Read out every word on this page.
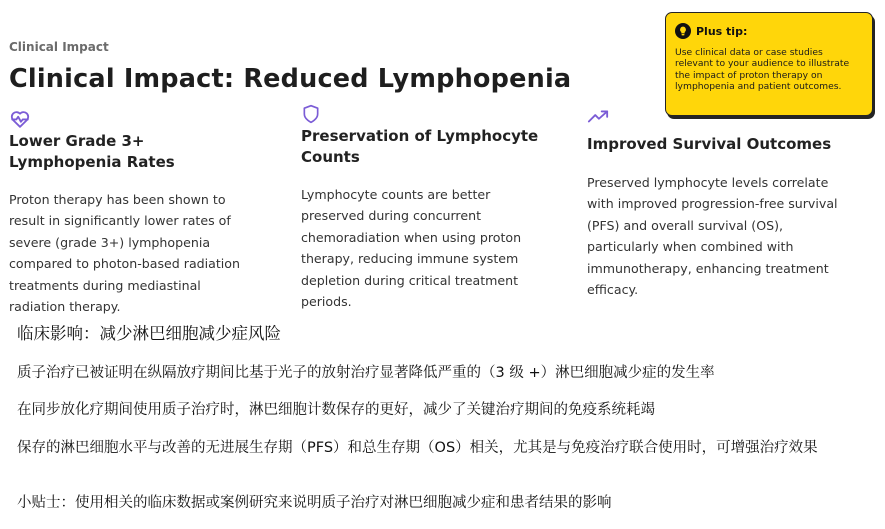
Clinical Impact
Clinical Impact: Reduced Lymphopenia
Lower Grade 3+ Lymphopenia Rates

Proton therapy has been shown to result in significantly lower rates of severe (grade 3+) lymphopenia compared to photon-based radiation treatments during mediastinal radiation therapy.

Preservation of Lymphocyte Counts

Lymphocyte counts are better preserved during concurrent chemoradiation when using proton therapy, reducing immune system depletion during critical treatment periods.

Improved Survival Outcomes

Preserved lymphocyte levels correlate with improved progression-free survival (PFS) and overall survival (OS), particularly when combined with immunotherapy, enhancing treatment efficacy.

Plus tip:
Use clinical data or case studies relevant to your audience to illustrate the impact of proton therapy on lymphopenia and patient outcomes.

临床影响：减少淋巴细胞减少症风险

质子治疗已被证明在纵隔放疗期间比基于光子的放射治疗显著降低严重的（3 级 +）淋巴细胞减少症的发生率

在同步放化疗期间使用质子治疗时，淋巴细胞计数保存的更好，减少了关键治疗期间的免疫系统耗竭

保存的淋巴细胞水平与改善的无进展生存期（PFS）和总生存期（OS）相关，尤其是与免疫治疗联合使用时，可增强治疗效果

小贴士：使用相关的临床数据或案例研究来说明质子治疗对淋巴细胞减少症和患者结果的影响
